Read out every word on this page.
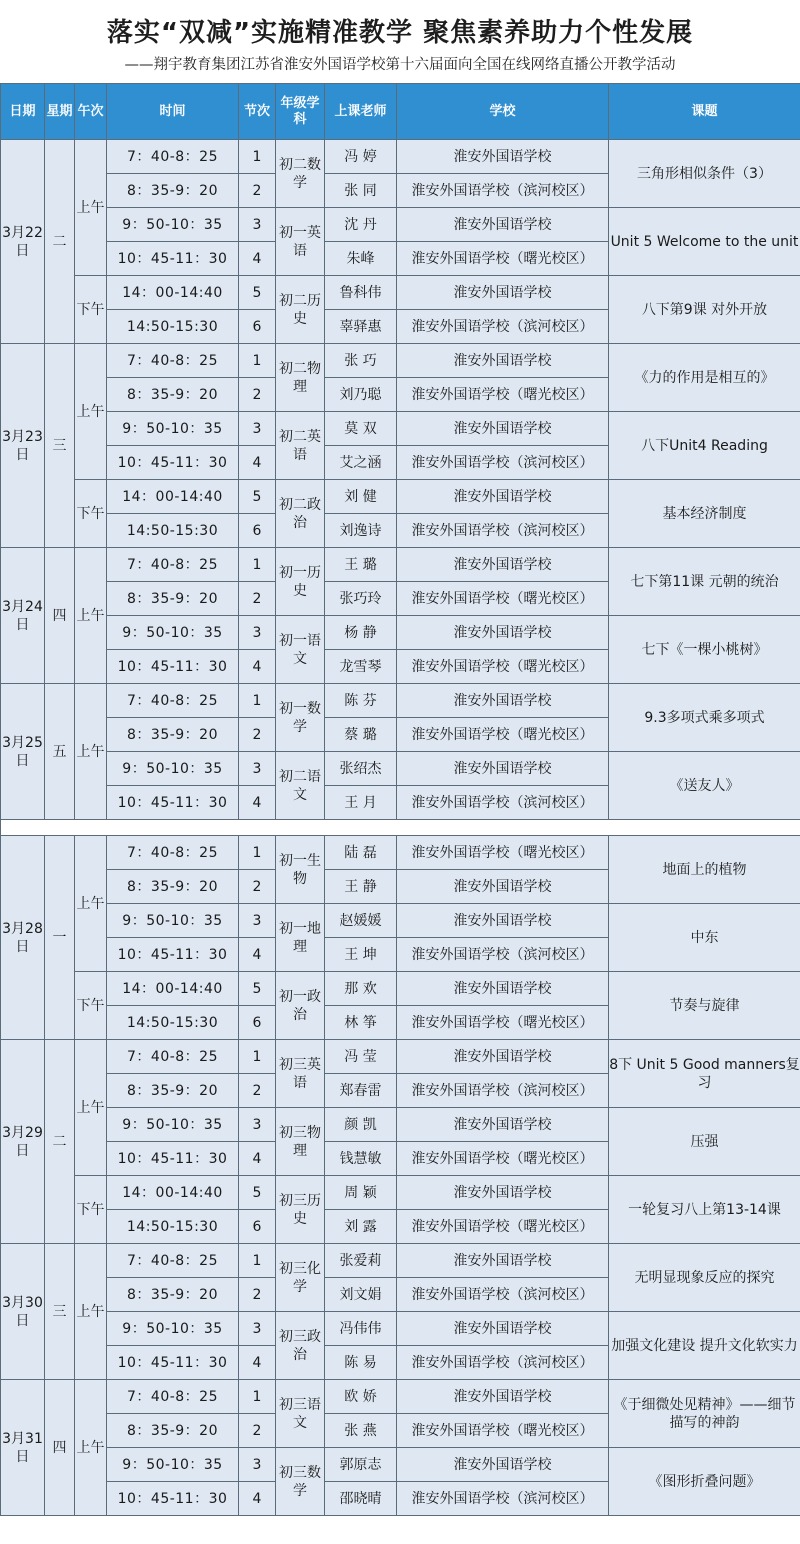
落实“双减”实施精准教学 聚焦素养助力个性发展
——翔宇教育集团江苏省淮安外国语学校第十六届面向全国在线网络直播公开教学活动
日期	星期	午次	时间	节次	年级学科	上课老师	学校	课题
3月22日	二	上午	7：40-8：25	1	初二数学	冯 婷	淮安外国语学校	三角形相似条件（3）
			8：35-9：20	2		张 同	淮安外国语学校（滨河校区）	
			9：50-10：35	3	初一英语	沈 丹	淮安外国语学校	Unit 5 Welcome to the unit
			10：45-11：30	4		朱峰	淮安外国语学校（曙光校区）	
		下午	14：00-14:40	5	初二历史	鲁科伟	淮安外国语学校	八下第9课 对外开放
			14:50-15:30	6		辜驿惠	淮安外国语学校（滨河校区）	
3月23日	三	上午	7：40-8：25	1	初二物理	张 巧	淮安外国语学校	《力的作用是相互的》
			8：35-9：20	2		刘乃聪	淮安外国语学校（曙光校区）	
			9：50-10：35	3	初二英语	莫 双	淮安外国语学校	八下Unit4 Reading
			10：45-11：30	4		艾之涵	淮安外国语学校（滨河校区）	
		下午	14：00-14:40	5	初二政治	刘 健	淮安外国语学校	基本经济制度
			14:50-15:30	6		刘逸诗	淮安外国语学校（滨河校区）	
3月24日	四	上午	7：40-8：25	1	初一历史	王 璐	淮安外国语学校	七下第11课 元朝的统治
			8：35-9：20	2		张巧玲	淮安外国语学校（曙光校区）	
			9：50-10：35	3	初一语文	杨 静	淮安外国语学校	七下《一棵小桃树》
			10：45-11：30	4		龙雪琴	淮安外国语学校（曙光校区）	
3月25日	五	上午	7：40-8：25	1	初一数学	陈 芬	淮安外国语学校	9.3多项式乘多项式
			8：35-9：20	2		蔡 璐	淮安外国语学校（曙光校区）	
			9：50-10：35	3	初二语文	张绍杰	淮安外国语学校	《送友人》
			10：45-11：30	4		王 月	淮安外国语学校（滨河校区）	

3月28日	一	上午	7：40-8：25	1	初一生物	陆 磊	淮安外国语学校（曙光校区）	地面上的植物
			8：35-9：20	2		王 静	淮安外国语学校	
			9：50-10：35	3	初一地理	赵媛媛	淮安外国语学校	中东
			10：45-11：30	4		王 坤	淮安外国语学校（滨河校区）	
		下午	14：00-14:40	5	初一政治	那 欢	淮安外国语学校	节奏与旋律
			14:50-15:30	6		林 筝	淮安外国语学校（曙光校区）	
3月29日	二	上午	7：40-8：25	1	初三英语	冯 莹	淮安外国语学校	8下 Unit 5 Good manners复习
			8：35-9：20	2		郑春雷	淮安外国语学校（滨河校区）	
			9：50-10：35	3	初三物理	颜 凯	淮安外国语学校	压强
			10：45-11：30	4		钱慧敏	淮安外国语学校（曙光校区）	
		下午	14：00-14:40	5	初三历史	周 颖	淮安外国语学校	一轮复习八上第13-14课
			14:50-15:30	6		刘 露	淮安外国语学校（曙光校区）	
3月30日	三	上午	7：40-8：25	1	初三化学	张爱莉	淮安外国语学校	无明显现象反应的探究
			8：35-9：20	2		刘文娟	淮安外国语学校（滨河校区）	
			9：50-10：35	3	初三政治	冯伟伟	淮安外国语学校	加强文化建设 提升文化软实力
			10：45-11：30	4		陈 易	淮安外国语学校（滨河校区）	
3月31日	四	上午	7：40-8：25	1	初三语文	欧 娇	淮安外国语学校	《于细微处见精神》——细节描写的神韵
			8：35-9：20	2		张 燕	淮安外国语学校（曙光校区）	
			9：50-10：35	3	初三数学	郭原志	淮安外国语学校	《图形折叠问题》
			10：45-11：30	4		邵晓晴	淮安外国语学校（滨河校区）	
